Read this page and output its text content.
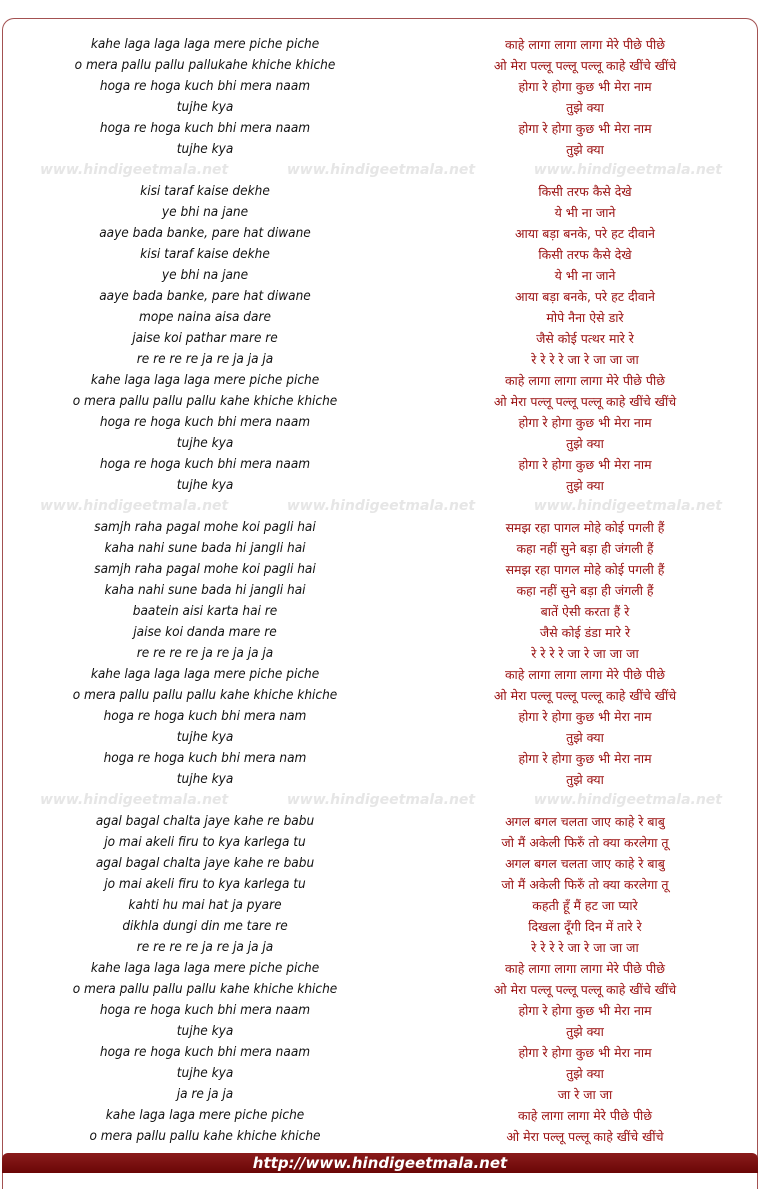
kahe laga laga laga mere piche piche	काहे लागा लागा लागा मेरे पीछे पीछे
o mera pallu pallu pallukahe khiche khiche	ओ मेरा पल्लू पल्लू पल्लू काहे खींचे खींचे
hoga re hoga kuch bhi mera naam	होगा रे होगा कुछ भी मेरा नाम
tujhe kya	तुझे क्या
hoga re hoga kuch bhi mera naam	होगा रे होगा कुछ भी मेरा नाम
tujhe kya	तुझे क्या
www.hindigeetmala.net	www.hindigeetmala.net	www.hindigeetmala.net
kisi taraf kaise dekhe	किसी तरफ कैसे देखे
ye bhi na jane	ये भी ना जाने
aaye bada banke, pare hat diwane	आया बड़ा बनके, परे हट दीवाने
kisi taraf kaise dekhe	किसी तरफ कैसे देखे
ye bhi na jane	ये भी ना जाने
aaye bada banke, pare hat diwane	आया बड़ा बनके, परे हट दीवाने
mope naina aisa dare	मोपे नैना ऐसे डारे
jaise koi pathar mare re	जैसे कोई पत्थर मारे रे
re re re re ja re ja ja ja	रे रे रे रे जा रे जा जा जा
kahe laga laga laga mere piche piche	काहे लागा लागा लागा मेरे पीछे पीछे
o mera pallu pallu pallu kahe khiche khiche	ओ मेरा पल्लू पल्लू पल्लू काहे खींचे खींचे
hoga re hoga kuch bhi mera naam	होगा रे होगा कुछ भी मेरा नाम
tujhe kya	तुझे क्या
hoga re hoga kuch bhi mera naam	होगा रे होगा कुछ भी मेरा नाम
tujhe kya	तुझे क्या
www.hindigeetmala.net	www.hindigeetmala.net	www.hindigeetmala.net
samjh raha pagal mohe koi pagli hai	समझ रहा पागल मोहे कोई पगली हैं
kaha nahi sune bada hi jangli hai	कहा नहीं सुने बड़ा ही जंगली हैं
samjh raha pagal mohe koi pagli hai	समझ रहा पागल मोहे कोई पगली हैं
kaha nahi sune bada hi jangli hai	कहा नहीं सुने बड़ा ही जंगली हैं
baatein aisi karta hai re	बातें ऐसी करता हैं रे
jaise koi danda mare re	जैसे कोई डंडा मारे रे
re re re re ja re ja ja ja	रे रे रे रे जा रे जा जा जा
kahe laga laga laga mere piche piche	काहे लागा लागा लागा मेरे पीछे पीछे
o mera pallu pallu pallu kahe khiche khiche	ओ मेरा पल्लू पल्लू पल्लू काहे खींचे खींचे
hoga re hoga kuch bhi mera nam	होगा रे होगा कुछ भी मेरा नाम
tujhe kya	तुझे क्या
hoga re hoga kuch bhi mera nam	होगा रे होगा कुछ भी मेरा नाम
tujhe kya	तुझे क्या
www.hindigeetmala.net	www.hindigeetmala.net	www.hindigeetmala.net
agal bagal chalta jaye kahe re babu	अगल बगल चलता जाए काहे रे बाबु
jo mai akeli firu to kya karlega tu	जो मैं अकेली फिरुँ तो क्या करलेगा तू
agal bagal chalta jaye kahe re babu	अगल बगल चलता जाए काहे रे बाबु
jo mai akeli firu to kya karlega tu	जो मैं अकेली फिरुँ तो क्या करलेगा तू
kahti hu mai hat ja pyare	कहती हूँ मैं हट जा प्यारे
dikhla dungi din me tare re	दिखला दूँगी दिन में तारे रे
re re re re ja re ja ja ja	रे रे रे रे जा रे जा जा जा
kahe laga laga laga mere piche piche	काहे लागा लागा लागा मेरे पीछे पीछे
o mera pallu pallu pallu kahe khiche khiche	ओ मेरा पल्लू पल्लू पल्लू काहे खींचे खींचे
hoga re hoga kuch bhi mera naam	होगा रे होगा कुछ भी मेरा नाम
tujhe kya	तुझे क्या
hoga re hoga kuch bhi mera naam	होगा रे होगा कुछ भी मेरा नाम
tujhe kya	तुझे क्या
ja re ja ja	जा रे जा जा
kahe laga laga mere piche piche	काहे लागा लागा मेरे पीछे पीछे
o mera pallu pallu kahe khiche khiche	ओ मेरा पल्लू पल्लू काहे खींचे खींचे
http://www.hindigeetmala.net
